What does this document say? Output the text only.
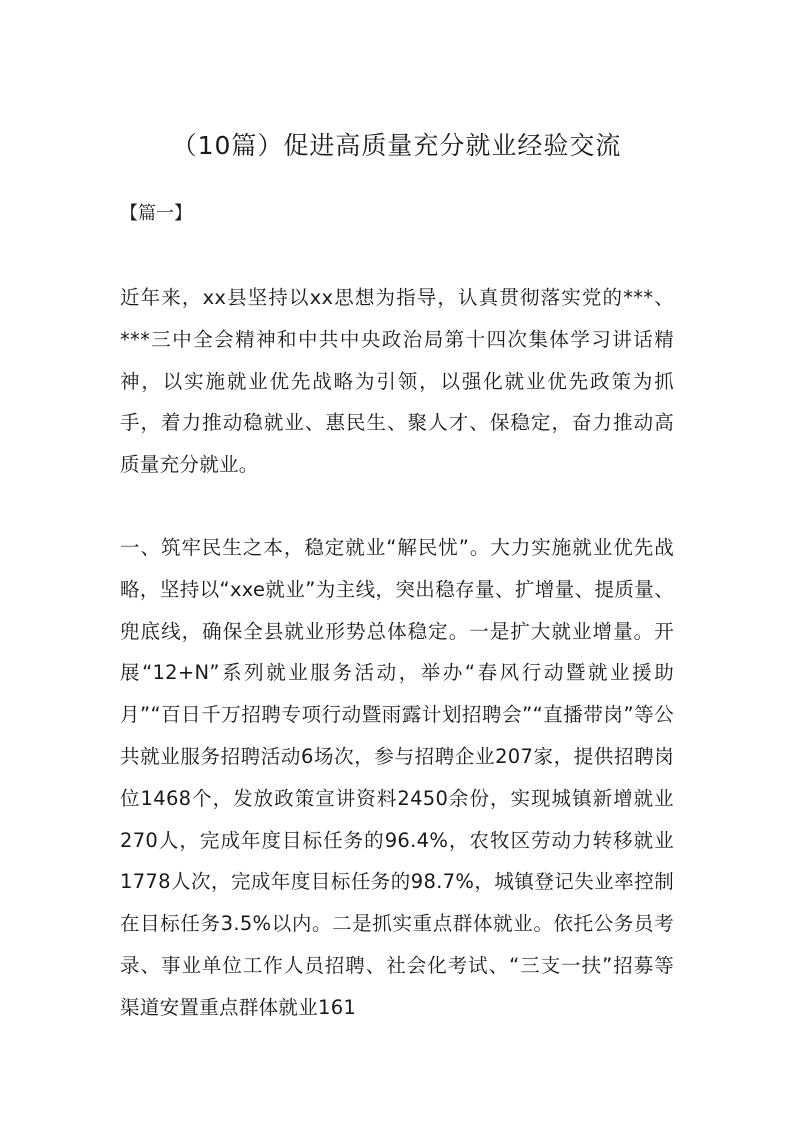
（10篇）促进高质量充分就业经验交流

【篇一】

近年来，xx县坚持以xx思想为指导，认真贯彻落实党的***、***三中全会精神和中共中央政治局第十四次集体学习讲话精神，以实施就业优先战略为引领，以强化就业优先政策为抓手，着力推动稳就业、惠民生、聚人才、保稳定，奋力推动高质量充分就业。

一、筑牢民生之本，稳定就业“解民忧”。大力实施就业优先战略，坚持以“xxe就业”为主线，突出稳存量、扩增量、提质量、兜底线，确保全县就业形势总体稳定。一是扩大就业增量。开展“12+N”系列就业服务活动，举办“春风行动暨就业援助月”“百日千万招聘专项行动暨雨露计划招聘会”“直播带岗”等公共就业服务招聘活动6场次，参与招聘企业207家，提供招聘岗位1468个，发放政策宣讲资料2450余份，实现城镇新增就业270人，完成年度目标任务的96.4%，农牧区劳动力转移就业1778人次，完成年度目标任务的98.7%，城镇登记失业率控制在目标任务3.5%以内。二是抓实重点群体就业。依托公务员考录、事业单位工作人员招聘、社会化考试、“三支一扶”招募等渠道安置重点群体就业161
